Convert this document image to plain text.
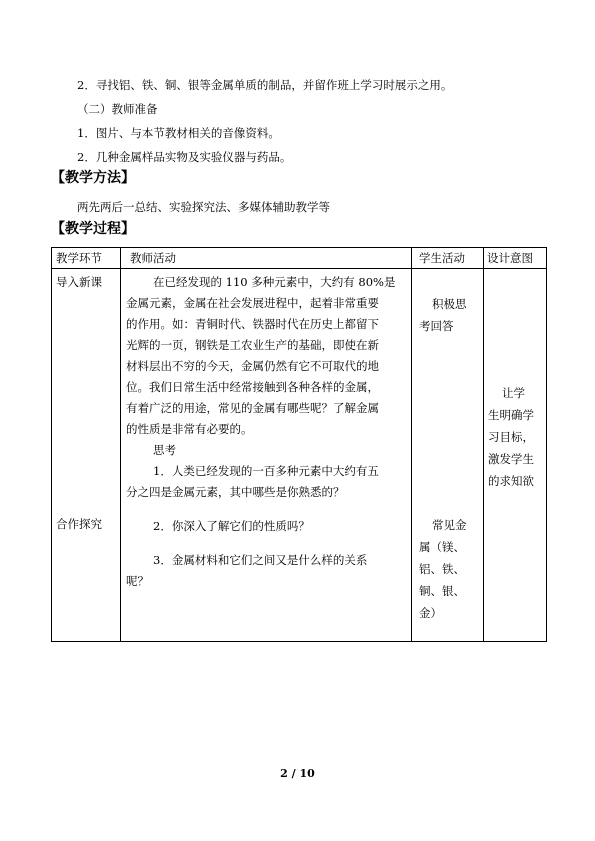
2．寻找铝、铁、铜、银等金属单质的制品，并留作班上学习时展示之用。
（二）教师准备
1．图片、与本节教材相关的音像资料。
2．几种金属样品实物及实验仪器与药品。
【教学方法】
两先两后一总结、实验探究法、多媒体辅助教学等
【教学过程】
教学环节 教师活动	学生活动 设计意图
导入新课
合作探究
在已经发现的 110 多种元素中，大约有 80%是
金属元素，金属在社会发展进程中，起着非常重要
的作用。如：青铜时代、铁器时代在历史上都留下
光辉的一页，钢铁是工农业生产的基础，即使在新
材料层出不穷的今天，金属仍然有它不可取代的地
位。我们日常生活中经常接触到各种各样的金属，
有着广泛的用途，常见的金属有哪些呢？了解金属
的性质是非常有必要的。
思考
1．人类已经发现的一百多种元素中大约有五
分之四是金属元素，其中哪些是你熟悉的？
2．你深入了解它们的性质吗？
3．金属材料和它们之间又是什么样的关系
呢？
积极思
考回答
常见金
属（镁、
铝、铁、
铜、银、
金）
让学
生明确学
习目标，
激发学生
的求知欲
2 / 10
